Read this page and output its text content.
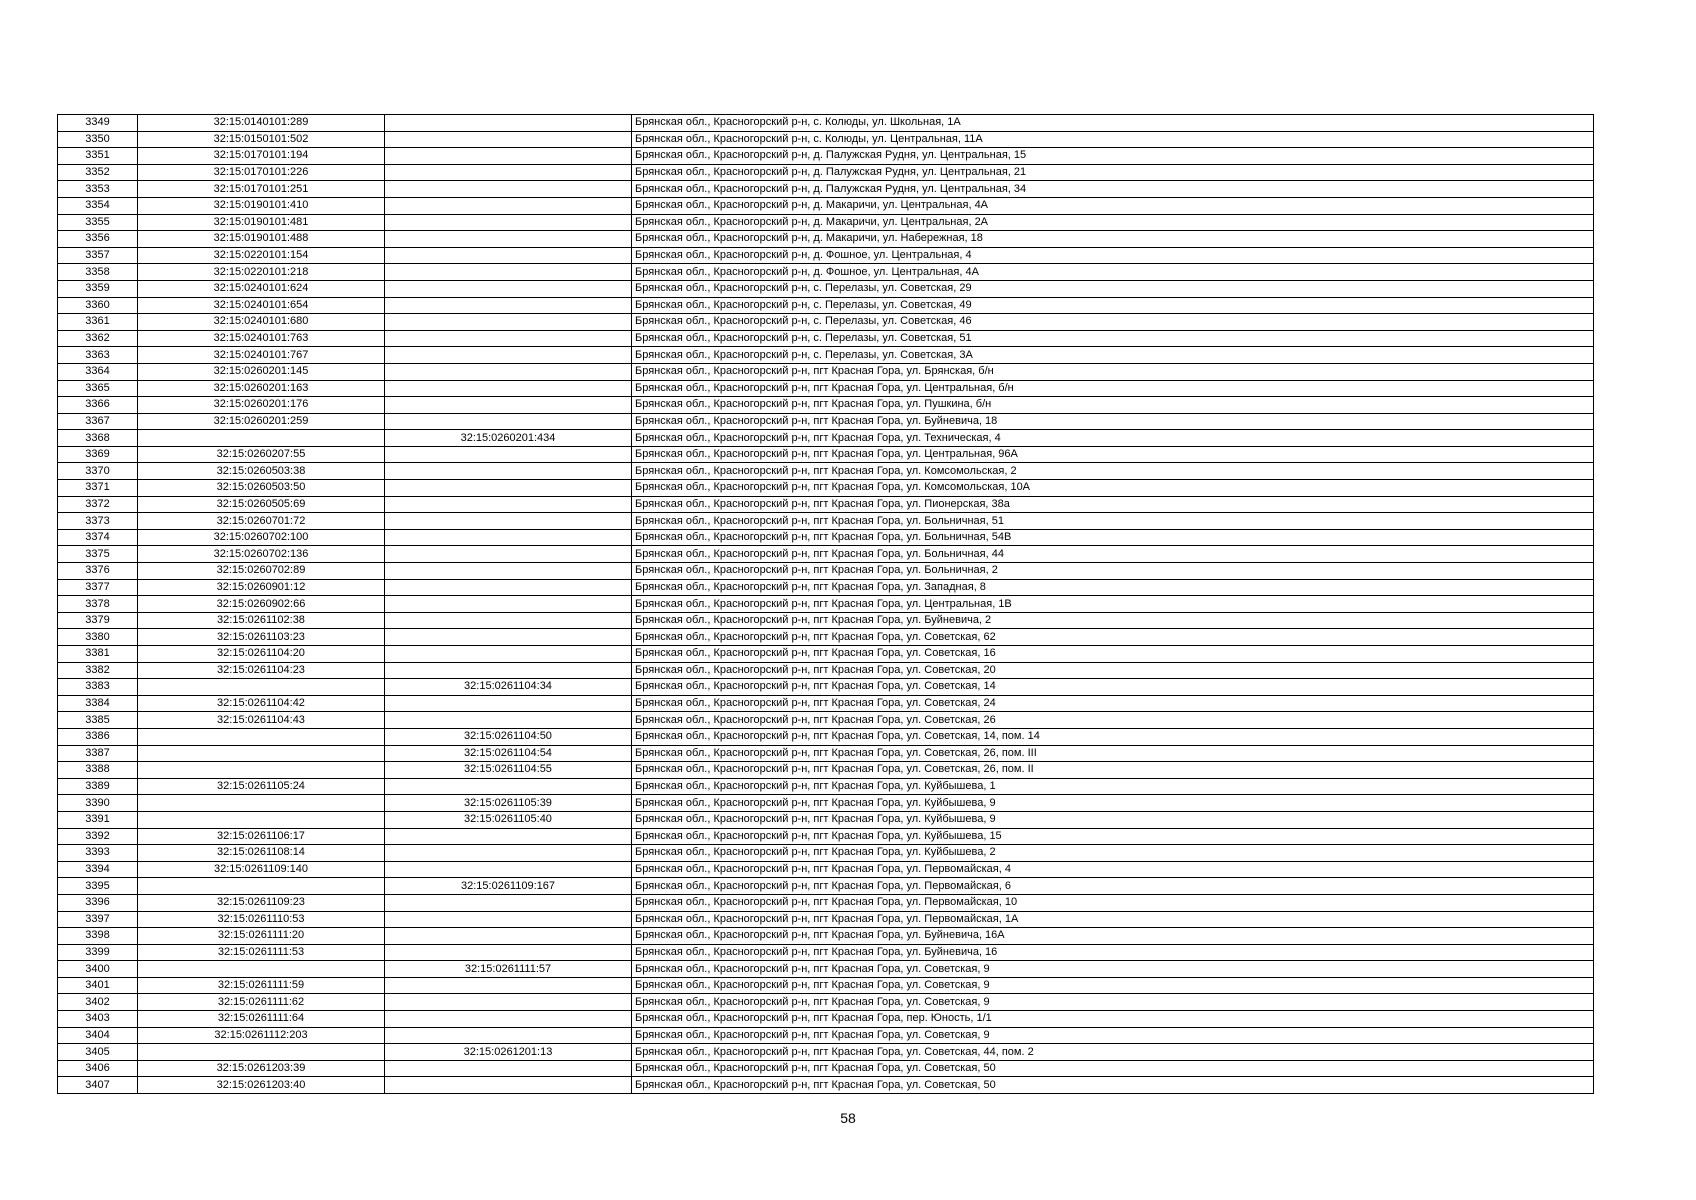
3349	32:15:0140101:289		Брянская обл., Красногорский р-н, с. Колюды, ул. Школьная, 1А
3350	32:15:0150101:502		Брянская обл., Красногорский р-н, с. Колюды, ул. Центральная, 11А
3351	32:15:0170101:194		Брянская обл., Красногорский р-н, д. Палужская Рудня, ул. Центральная, 15
3352	32:15:0170101:226		Брянская обл., Красногорский р-н, д. Палужская Рудня, ул. Центральная, 21
3353	32:15:0170101:251		Брянская обл., Красногорский р-н, д. Палужская Рудня, ул. Центральная, 34
3354	32:15:0190101:410		Брянская обл., Красногорский р-н, д. Макаричи, ул. Центральная, 4А
3355	32:15:0190101:481		Брянская обл., Красногорский р-н, д. Макаричи, ул. Центральная, 2А
3356	32:15:0190101:488		Брянская обл., Красногорский р-н, д. Макаричи, ул. Набережная, 18
3357	32:15:0220101:154		Брянская обл., Красногорский р-н, д. Фошное, ул. Центральная, 4
3358	32:15:0220101:218		Брянская обл., Красногорский р-н, д. Фошное, ул. Центральная, 4А
3359	32:15:0240101:624		Брянская обл., Красногорский р-н, с. Перелазы, ул. Советская, 29
3360	32:15:0240101:654		Брянская обл., Красногорский р-н, с. Перелазы, ул. Советская, 49
3361	32:15:0240101:680		Брянская обл., Красногорский р-н, с. Перелазы, ул. Советская, 46
3362	32:15:0240101:763		Брянская обл., Красногорский р-н, с. Перелазы, ул. Советская, 51
3363	32:15:0240101:767		Брянская обл., Красногорский р-н, с. Перелазы, ул. Советская, 3А
3364	32:15:0260201:145		Брянская обл., Красногорский р-н, пгт Красная Гора, ул. Брянская, б/н
3365	32:15:0260201:163		Брянская обл., Красногорский р-н, пгт Красная Гора, ул. Центральная, б/н
3366	32:15:0260201:176		Брянская обл., Красногорский р-н, пгт Красная Гора, ул. Пушкина, б/н
3367	32:15:0260201:259		Брянская обл., Красногорский р-н, пгт Красная Гора, ул. Буйневича, 18
3368		32:15:0260201:434	Брянская обл., Красногорский р-н, пгт Красная Гора, ул. Техническая, 4
3369	32:15:0260207:55		Брянская обл., Красногорский р-н, пгт Красная Гора, ул. Центральная, 96А
3370	32:15:0260503:38		Брянская обл., Красногорский р-н, пгт Красная Гора, ул. Комсомольская, 2
3371	32:15:0260503:50		Брянская обл., Красногорский р-н, пгт Красная Гора, ул. Комсомольская, 10А
3372	32:15:0260505:69		Брянская обл., Красногорский р-н, пгт Красная Гора, ул. Пионерская, 38а
3373	32:15:0260701:72		Брянская обл., Красногорский р-н, пгт Красная Гора, ул. Больничная, 51
3374	32:15:0260702:100		Брянская обл., Красногорский р-н, пгт Красная Гора, ул. Больничная, 54В
3375	32:15:0260702:136		Брянская обл., Красногорский р-н, пгт Красная Гора, ул. Больничная, 44
3376	32:15:0260702:89		Брянская обл., Красногорский р-н, пгт Красная Гора, ул. Больничная, 2
3377	32:15:0260901:12		Брянская обл., Красногорский р-н, пгт Красная Гора, ул. Западная, 8
3378	32:15:0260902:66		Брянская обл., Красногорский р-н, пгт Красная Гора, ул. Центральная, 1В
3379	32:15:0261102:38		Брянская обл., Красногорский р-н, пгт Красная Гора, ул. Буйневича, 2
3380	32:15:0261103:23		Брянская обл., Красногорский р-н, пгт Красная Гора, ул. Советская, 62
3381	32:15:0261104:20		Брянская обл., Красногорский р-н, пгт Красная Гора, ул. Советская, 16
3382	32:15:0261104:23		Брянская обл., Красногорский р-н, пгт Красная Гора, ул. Советская, 20
3383		32:15:0261104:34	Брянская обл., Красногорский р-н, пгт Красная Гора, ул. Советская, 14
3384	32:15:0261104:42		Брянская обл., Красногорский р-н, пгт Красная Гора, ул. Советская, 24
3385	32:15:0261104:43		Брянская обл., Красногорский р-н, пгт Красная Гора, ул. Советская, 26
3386		32:15:0261104:50	Брянская обл., Красногорский р-н, пгт Красная Гора, ул. Советская, 14, пом. 14
3387		32:15:0261104:54	Брянская обл., Красногорский р-н, пгт Красная Гора, ул. Советская, 26, пом. III
3388		32:15:0261104:55	Брянская обл., Красногорский р-н, пгт Красная Гора, ул. Советская, 26, пом. II
3389	32:15:0261105:24		Брянская обл., Красногорский р-н, пгт Красная Гора, ул. Куйбышева, 1
3390		32:15:0261105:39	Брянская обл., Красногорский р-н, пгт Красная Гора, ул. Куйбышева, 9
3391		32:15:0261105:40	Брянская обл., Красногорский р-н, пгт Красная Гора, ул. Куйбышева, 9
3392	32:15:0261106:17		Брянская обл., Красногорский р-н, пгт Красная Гора, ул. Куйбышева, 15
3393	32:15:0261108:14		Брянская обл., Красногорский р-н, пгт Красная Гора, ул. Куйбышева, 2
3394	32:15:0261109:140		Брянская обл., Красногорский р-н, пгт Красная Гора, ул. Первомайская, 4
3395		32:15:0261109:167	Брянская обл., Красногорский р-н, пгт Красная Гора, ул. Первомайская, 6
3396	32:15:0261109:23		Брянская обл., Красногорский р-н, пгт Красная Гора, ул. Первомайская, 10
3397	32:15:0261110:53		Брянская обл., Красногорский р-н, пгт Красная Гора, ул. Первомайская, 1А
3398	32:15:0261111:20		Брянская обл., Красногорский р-н, пгт Красная Гора, ул. Буйневича, 16А
3399	32:15:0261111:53		Брянская обл., Красногорский р-н, пгт Красная Гора, ул. Буйневича, 16
3400		32:15:0261111:57	Брянская обл., Красногорский р-н, пгт Красная Гора, ул. Советская, 9
3401	32:15:0261111:59		Брянская обл., Красногорский р-н, пгт Красная Гора, ул. Советская, 9
3402	32:15:0261111:62		Брянская обл., Красногорский р-н, пгт Красная Гора, ул. Советская, 9
3403	32:15:0261111:64		Брянская обл., Красногорский р-н, пгт Красная Гора, пер. Юность, 1/1
3404	32:15:0261112:203		Брянская обл., Красногорский р-н, пгт Красная Гора, ул. Советская, 9
3405		32:15:0261201:13	Брянская обл., Красногорский р-н, пгт Красная Гора, ул. Советская, 44, пом. 2
3406	32:15:0261203:39		Брянская обл., Красногорский р-н, пгт Красная Гора, ул. Советская, 50
3407	32:15:0261203:40		Брянская обл., Красногорский р-н, пгт Красная Гора, ул. Советская, 50
58
